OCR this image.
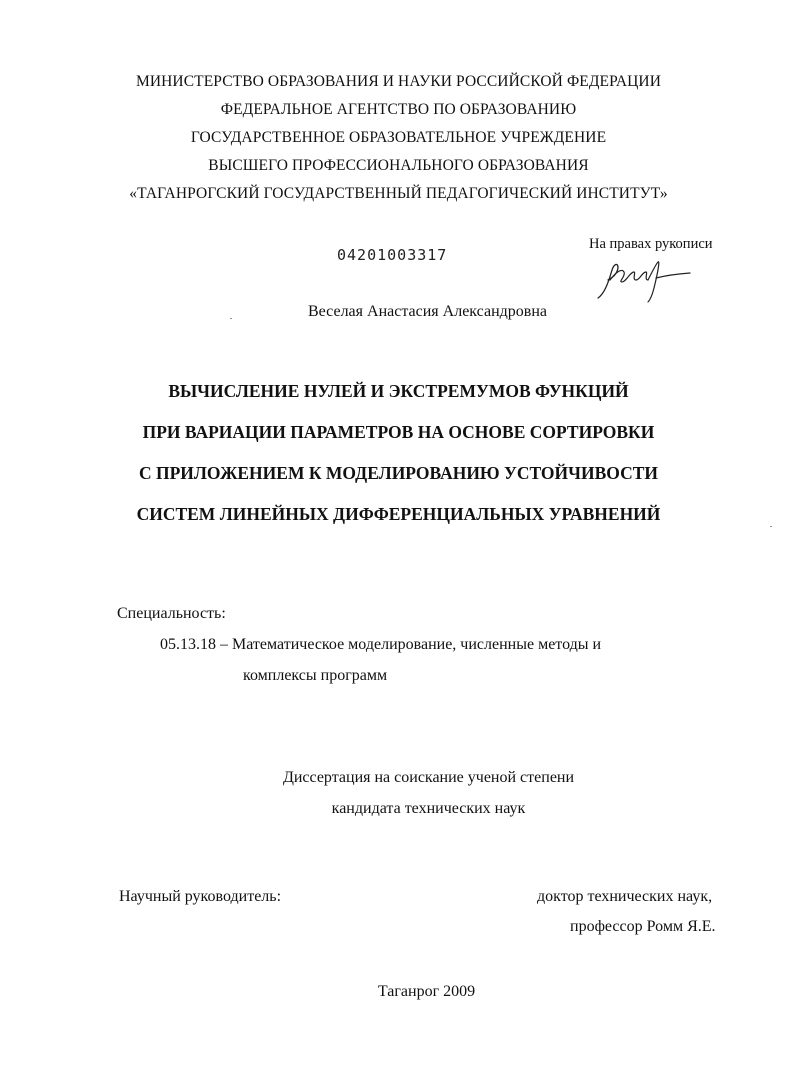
МИНИСТЕРСТВО ОБРАЗОВАНИЯ И НАУКИ РОССИЙСКОЙ ФЕДЕРАЦИИ
ФЕДЕРАЛЬНОЕ АГЕНТСТВО ПО ОБРАЗОВАНИЮ
ГОСУДАРСТВЕННОЕ ОБРАЗОВАТЕЛЬНОЕ УЧРЕЖДЕНИЕ
ВЫСШЕГО ПРОФЕССИОНАЛЬНОГО ОБРАЗОВАНИЯ
«ТАГАНРОГСКИЙ ГОСУДАРСТВЕННЫЙ ПЕДАГОГИЧЕСКИЙ ИНСТИТУТ»
04201003317
На правах рукописи
Веселая Анастасия Александровна
ВЫЧИСЛЕНИЕ НУЛЕЙ И ЭКСТРЕМУМОВ ФУНКЦИЙ
ПРИ ВАРИАЦИИ ПАРАМЕТРОВ НА ОСНОВЕ СОРТИРОВКИ
С ПРИЛОЖЕНИЕМ К МОДЕЛИРОВАНИЮ УСТОЙЧИВОСТИ
СИСТЕМ ЛИНЕЙНЫХ ДИФФЕРЕНЦИАЛЬНЫХ УРАВНЕНИЙ
Специальность:
05.13.18 – Математическое моделирование, численные методы и
комплексы программ
Диссертация на соискание ученой степени
кандидата технических наук
Научный руководитель:	доктор технических наук,
профессор Ромм Я.Е.
Таганрог 2009
